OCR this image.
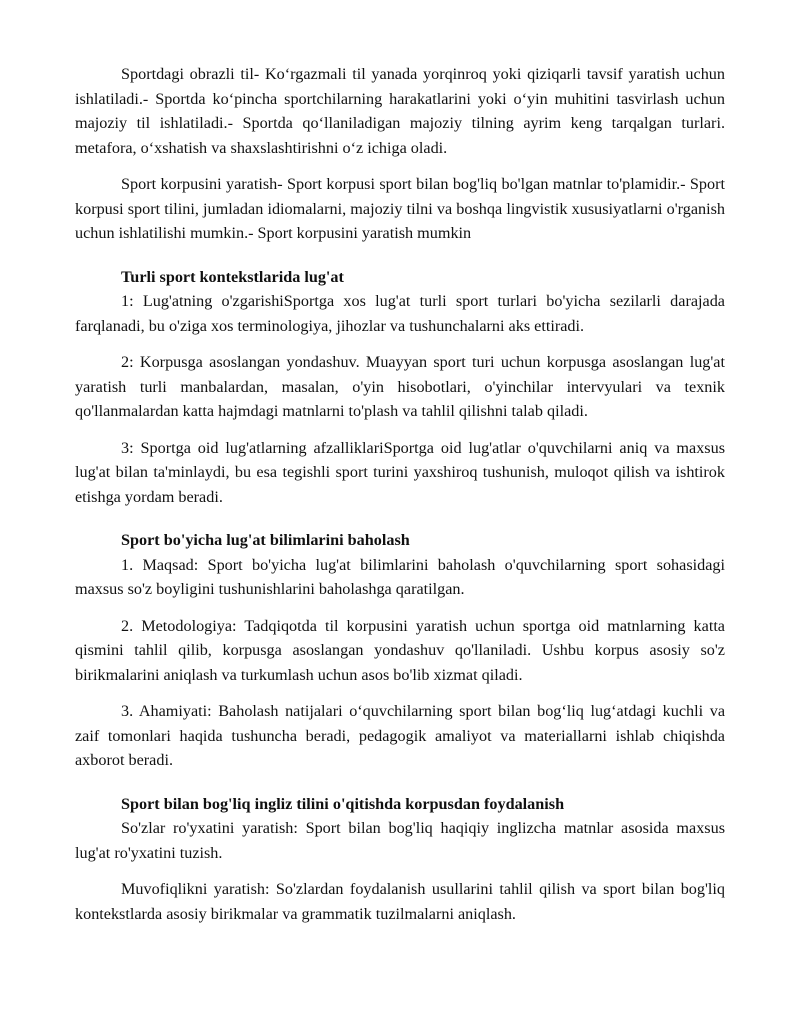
Sportdagi obrazli til- Ko‘rgazmali til yanada yorqinroq yoki qiziqarli tavsif yaratish uchun ishlatiladi.- Sportda ko‘pincha sportchilarning harakatlarini yoki o‘yin muhitini tasvirlash uchun majoziy til ishlatiladi.- Sportda qo‘llaniladigan majoziy tilning ayrim keng tarqalgan turlari. metafora, o‘xshatish va shaxslashtirishni o‘z ichiga oladi.

Sport korpusini yaratish- Sport korpusi sport bilan bog'liq bo'lgan matnlar to'plamidir.- Sport korpusi sport tilini, jumladan idiomalarni, majoziy tilni va boshqa lingvistik xususiyatlarni o'rganish uchun ishlatilishi mumkin.- Sport korpusini yaratish mumkin

Turli sport kontekstlarida lug'at

1: Lug'atning o'zgarishiSportga xos lug'at turli sport turlari bo'yicha sezilarli darajada farqlanadi, bu o'ziga xos terminologiya, jihozlar va tushunchalarni aks ettiradi.

2: Korpusga asoslangan yondashuv. Muayyan sport turi uchun korpusga asoslangan lug'at yaratish turli manbalardan, masalan, o'yin hisobotlari, o'yinchilar intervyulari va texnik qo'llanmalardan katta hajmdagi matnlarni to'plash va tahlil qilishni talab qiladi.

3: Sportga oid lug'atlarning afzalliklariSportga oid lug'atlar o'quvchilarni aniq va maxsus lug'at bilan ta'minlaydi, bu esa tegishli sport turini yaxshiroq tushunish, muloqot qilish va ishtirok etishga yordam beradi.

Sport bo'yicha lug'at bilimlarini baholash

1. Maqsad: Sport bo'yicha lug'at bilimlarini baholash o'quvchilarning sport sohasidagi maxsus so'z boyligini tushunishlarini baholashga qaratilgan.

2. Metodologiya: Tadqiqotda til korpusini yaratish uchun sportga oid matnlarning katta qismini tahlil qilib, korpusga asoslangan yondashuv qo'llaniladi. Ushbu korpus asosiy so'z birikmalarini aniqlash va turkumlash uchun asos bo'lib xizmat qiladi.

3. Ahamiyati: Baholash natijalari o‘quvchilarning sport bilan bog‘liq lug‘atdagi kuchli va zaif tomonlari haqida tushuncha beradi, pedagogik amaliyot va materiallarni ishlab chiqishda axborot beradi.

Sport bilan bog'liq ingliz tilini o'qitishda korpusdan foydalanish

So'zlar ro'yxatini yaratish: Sport bilan bog'liq haqiqiy inglizcha matnlar asosida maxsus lug'at ro'yxatini tuzish.

Muvofiqlikni yaratish: So'zlardan foydalanish usullarini tahlil qilish va sport bilan bog'liq kontekstlarda asosiy birikmalar va grammatik tuzilmalarni aniqlash.
